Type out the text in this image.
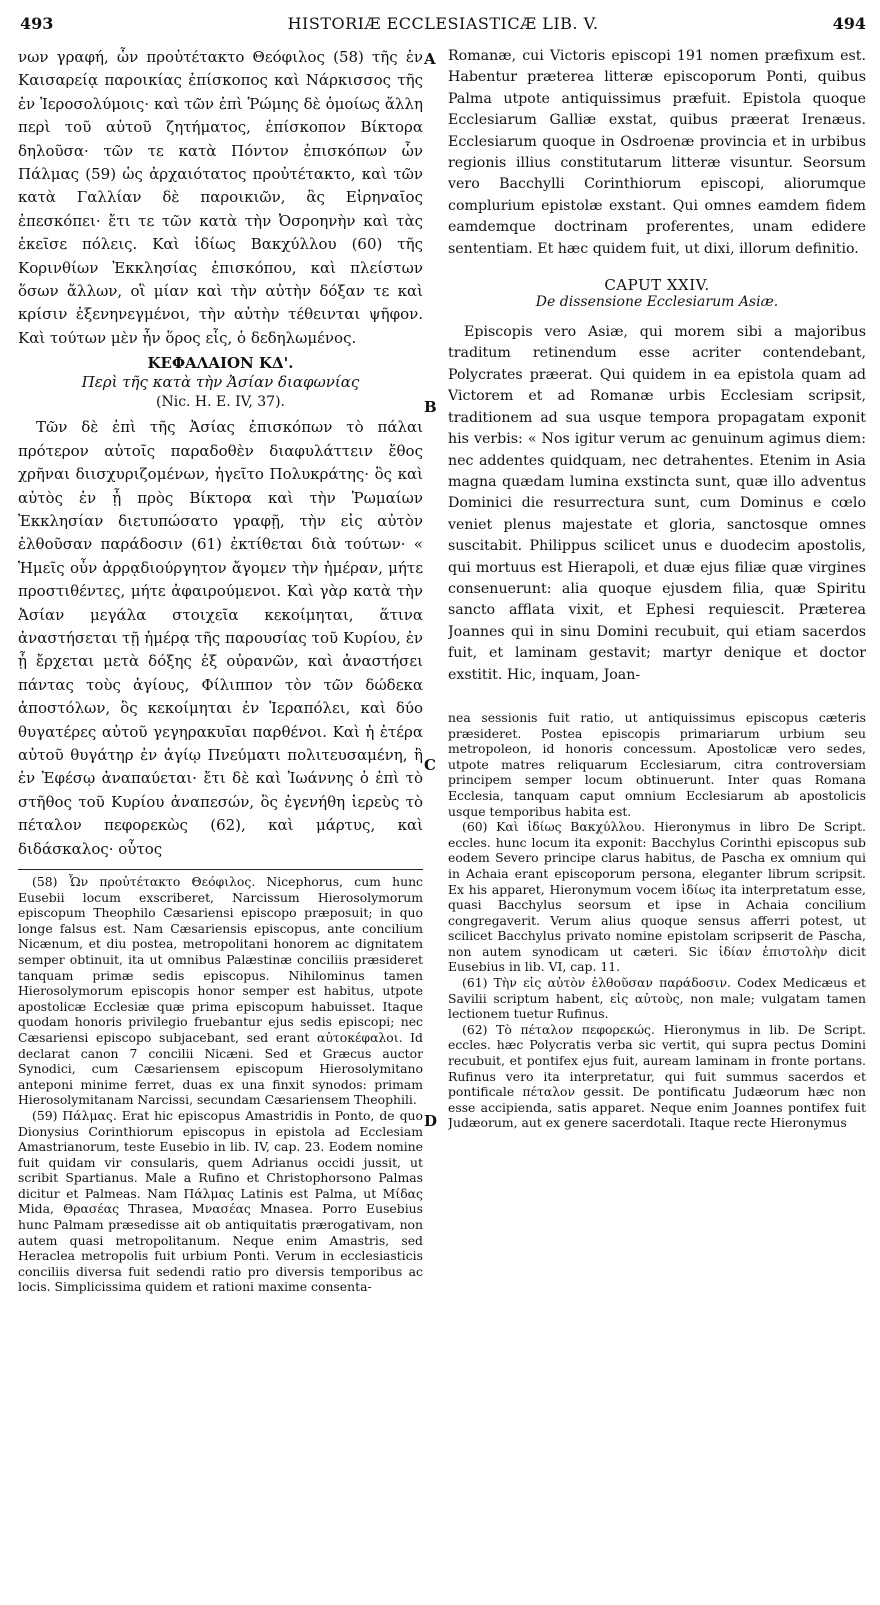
493	HISTORIÆ ECCLESIASTICÆ LIB. V.	494
A
B
C
D

νων γραφή, ὧν προὐτέτακτο Θεόφιλος (58) τῆς ἐν Καισαρείᾳ παροικίας ἐπίσκοπος καὶ Νάρκισσος τῆς ἐν Ἱεροσολύμοις· καὶ τῶν ἐπὶ Ῥώμης δὲ ὁμοίως ἄλλη περὶ τοῦ αὐτοῦ ζητήματος, ἐπίσκοπον Βίκτορα δηλοῦσα· τῶν τε κατὰ Πόντον ἐπισκόπων ὧν Πάλμας (59) ὡς ἀρχαιότατος προὐτέτακτο, καὶ τῶν κατὰ Γαλλίαν δὲ παροικιῶν, ἃς Εἰρηναῖος ἐπεσκόπει· ἔτι τε τῶν κατὰ τὴν Ὀσροηνὴν καὶ τὰς ἐκεῖσε πόλεις. Καὶ ἰδίως Βακχύλλου (60) τῆς Κορινθίων Ἐκκλησίας ἐπισκόπου, καὶ πλείστων ὅσων ἄλλων, οἳ μίαν καὶ τὴν αὐτὴν δόξαν τε καὶ κρίσιν ἐξενηνεγμένοι, τὴν αὐτὴν τέθεινται ψῆφον. Καὶ τούτων μὲν ἦν ὅρος εἷς, ὁ δεδηλωμένος.

ΚΕΦΑΛΑΙΟΝ ΚΔ'.
Περὶ τῆς κατὰ τὴν Ἀσίαν διαφωνίας
(Nic. H. E. IV, 37).

Τῶν δὲ ἐπὶ τῆς Ἀσίας ἐπισκόπων τὸ πάλαι πρότερον αὐτοῖς παραδοθὲν διαφυλάττειν ἔθος χρῆναι διισχυριζομένων, ἡγεῖτο Πολυκράτης· ὃς καὶ αὐτὸς ἐν ᾗ πρὸς Βίκτορα καὶ τὴν Ῥωμαίων Ἐκκλησίαν διετυπώσατο γραφῇ, τὴν εἰς αὐτὸν ἐλθοῦσαν παράδοσιν (61) ἐκτίθεται διὰ τούτων· « Ἡμεῖς οὖν ἀρρᾳδιούργητον ἄγομεν τὴν ἡμέραν, μήτε προστιθέντες, μήτε ἀφαιρούμενοι. Καὶ γὰρ κατὰ τὴν Ἀσίαν μεγάλα στοιχεῖα κεκοίμηται, ἅτινα ἀναστήσεται τῇ ἡμέρᾳ τῆς παρουσίας τοῦ Κυρίου, ἐν ᾗ ἔρχεται μετὰ δόξης ἐξ οὐρανῶν, καὶ ἀναστήσει πάντας τοὺς ἁγίους, Φίλιππον τὸν τῶν δώδεκα ἀποστόλων, ὃς κεκοίμηται ἐν Ἱεραπόλει, καὶ δύο θυγατέρες αὐτοῦ γεγηρακυῖαι παρθένοι. Καὶ ἡ ἑτέρα αὐτοῦ θυγάτηρ ἐν ἁγίῳ Πνεύματι πολιτευσαμένη, ἣ ἐν Ἐφέσῳ ἀναπαύεται· ἔτι δὲ καὶ Ἰωάννης ὁ ἐπὶ τὸ στῆθος τοῦ Κυρίου ἀναπεσών, ὃς ἐγενήθη ἱερεὺς τὸ πέταλον πεφορεκὼς (62), καὶ μάρτυς, καὶ διδάσκαλος· οὗτος

(58) Ὧν προὐτέτακτο Θεόφιλος. Nicephorus, cum hunc Eusebii locum exscriberet, Narcissum Hierosolymorum episcopum Theophilo Cæsariensi episcopo præposuit; in quo longe falsus est. Nam Cæsariensis episcopus, ante concilium Nicænum, et diu postea, metropolitani honorem ac dignitatem semper obtinuit, ita ut omnibus Palæstinæ conciliis præsideret tanquam primæ sedis episcopus. Nihilominus tamen Hierosolymorum episcopis honor semper est habitus, utpote apostolicæ Ecclesiæ quæ prima episcopum habuisset. Itaque quodam honoris privilegio fruebantur ejus sedis episcopi; nec Cæsariensi episcopo subjacebant, sed erant αὐτοκέφαλοι. Id declarat canon 7 concilii Nicæni. Sed et Græcus auctor Synodici, cum Cæsariensem episcopum Hierosolymitano anteponi minime ferret, duas ex una finxit synodos: primam Hierosolymitanam Narcissi, secundam Cæsariensem Theophili.

(59) Πάλμας. Erat hic episcopus Amastridis in Ponto, de quo Dionysius Corinthiorum episcopus in epistola ad Ecclesiam Amastrianorum, teste Eusebio in lib. IV, cap. 23. Eodem nomine fuit quidam vir consularis, quem Adrianus occidi jussit, ut scribit Spartianus. Male a Rufino et Christophorsono Palmas dicitur et Palmeas. Nam Πάλμας Latinis est Palma, ut Μίδας Mida, Θρασέας Thrasea, Μνασέας Mnasea. Porro Eusebius hunc Palmam præsedisse ait ob antiquitatis prærogativam, non autem quasi metropolitanum. Neque enim Amastris, sed Heraclea metropolis fuit urbium Ponti. Verum in ecclesiasticis conciliis diversa fuit sedendi ratio pro diversis temporibus ac locis. Simplicissima quidem et rationi maxime consenta-

Romanæ, cui Victoris episcopi 191 nomen præfixum est. Habentur præterea litteræ episcoporum Ponti, quibus Palma utpote antiquissimus præfuit. Epistola quoque Ecclesiarum Galliæ exstat, quibus præerat Irenæus. Ecclesiarum quoque in Osdroenæ provincia et in urbibus regionis illius constitutarum litteræ visuntur. Seorsum vero Bacchylli Corinthiorum episcopi, aliorumque complurium epistolæ exstant. Qui omnes eamdem fidem eamdemque doctrinam proferentes, unam edidere sententiam. Et hæc quidem fuit, ut dixi, illorum definitio.

CAPUT XXIV.
De dissensione Ecclesiarum Asiæ.

Episcopis vero Asiæ, qui morem sibi a majoribus traditum retinendum esse acriter contendebant, Polycrates præerat. Qui quidem in ea epistola quam ad Victorem et ad Romanæ urbis Ecclesiam scripsit, traditionem ad sua usque tempora propagatam exponit his verbis: « Nos igitur verum ac genuinum agimus diem: nec addentes quidquam, nec detrahentes. Etenim in Asia magna quædam lumina exstincta sunt, quæ illo adventus Dominici die resurrectura sunt, cum Dominus e cœlo veniet plenus majestate et gloria, sanctosque omnes suscitabit. Philippus scilicet unus e duodecim apostolis, qui mortuus est Hierapoli, et duæ ejus filiæ quæ virgines consenuerunt: alia quoque ejusdem filia, quæ Spiritu sancto afflata vixit, et Ephesi requiescit. Præterea Joannes qui in sinu Domini recubuit, qui etiam sacerdos fuit, et laminam gestavit; martyr denique et doctor exstitit. Hic, inquam, Joan-

nea sessionis fuit ratio, ut antiquissimus episcopus cæteris præsideret. Postea episcopis primariarum urbium seu metropoleon, id honoris concessum. Apostolicæ vero sedes, utpote matres reliquarum Ecclesiarum, citra controversiam principem semper locum obtinuerunt. Inter quas Romana Ecclesia, tanquam caput omnium Ecclesiarum ab apostolicis usque temporibus habita est.

(60) Καὶ ἰδίως Βακχύλλου. Hieronymus in libro De Script. eccles. hunc locum ita exponit: Bacchylus Corinthi episcopus sub eodem Severo principe clarus habitus, de Pascha ex omnium qui in Achaia erant episcoporum persona, eleganter librum scripsit. Ex his apparet, Hieronymum vocem ἰδίως ita interpretatum esse, quasi Bacchylus seorsum et ipse in Achaia concilium congregaverit. Verum alius quoque sensus afferri potest, ut scilicet Bacchylus privato nomine epistolam scripserit de Pascha, non autem synodicam ut cæteri. Sic ἰδίαν ἐπιστολὴν dicit Eusebius in lib. VI, cap. 11.

(61) Τὴν εἰς αὐτὸν ἐλθοῦσαν παράδοσιν. Codex Medicæus et Savilii scriptum habent, εἰς αὐτοὺς, non male; vulgatam tamen lectionem tuetur Rufinus.

(62) Τὸ πέταλον πεφορεκώς. Hieronymus in lib. De Script. eccles. hæc Polycratis verba sic vertit, qui supra pectus Domini recubuit, et pontifex ejus fuit, auream laminam in fronte portans. Rufinus vero ita interpretatur, qui fuit summus sacerdos et pontificale πέταλον gessit. De pontificatu Judæorum hæc non esse accipienda, satis apparet. Neque enim Joannes pontifex fuit Judæorum, aut ex genere sacerdotali. Itaque recte Hieronymus
